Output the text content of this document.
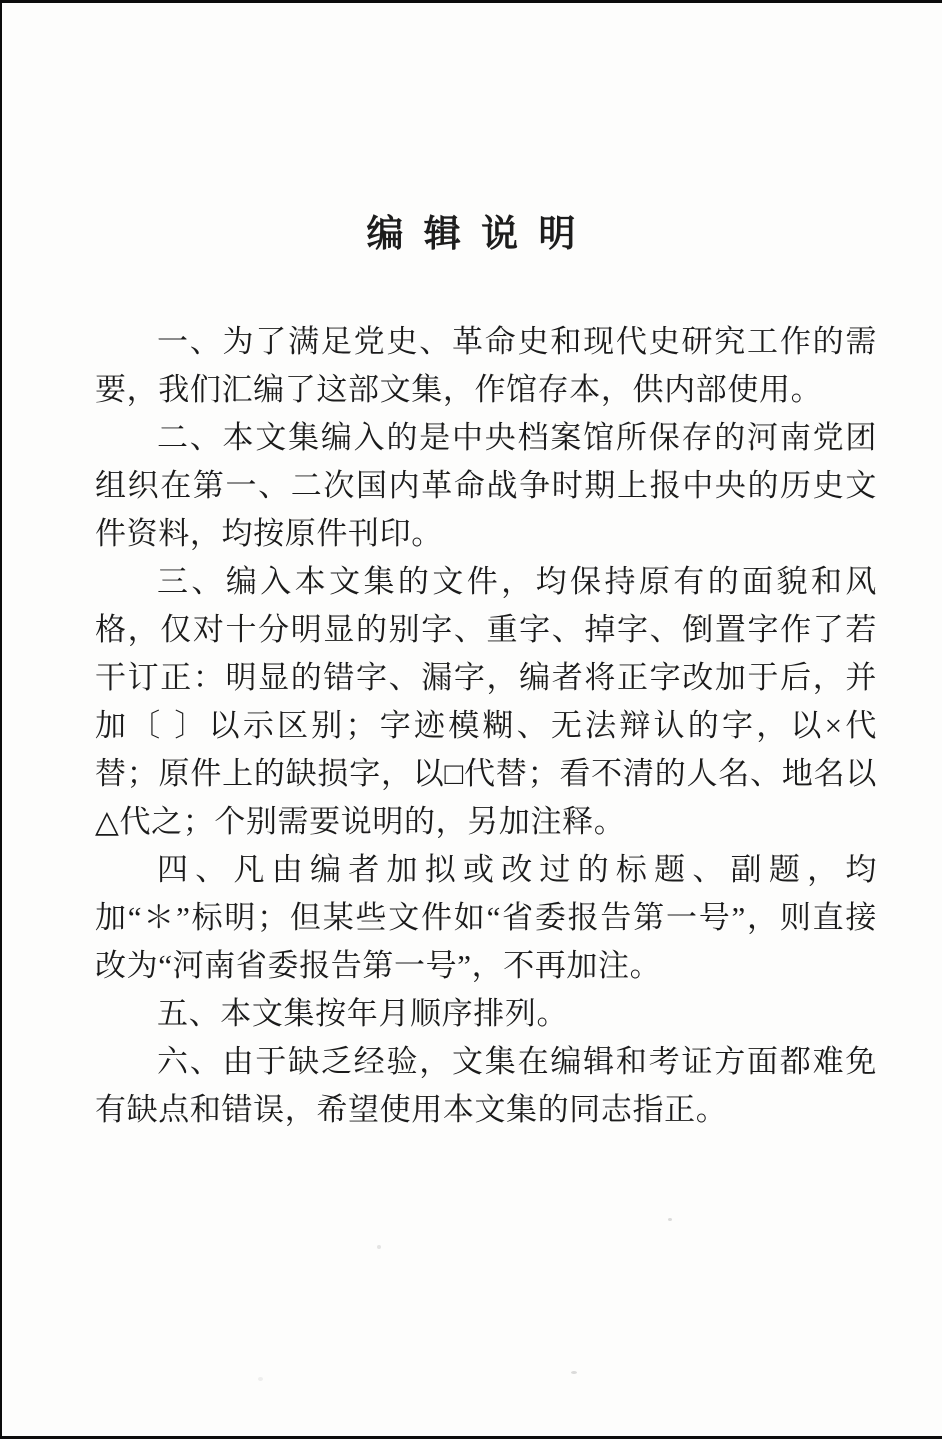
编辑说明

一、为了满足党史、革命史和现代史研究工作的需要，我们汇编了这部文集，作馆存本，供内部使用。

二、本文集编入的是中央档案馆所保存的河南党团组织在第一、二次国内革命战争时期上报中央的历史文件资料，均按原件刊印。

三、编入本文集的文件，均保持原有的面貌和风格，仅对十分明显的别字、重字、掉字、倒置字作了若干订正：明显的错字、漏字，编者将正字改加于后，并加〔 〕以示区别；字迹模糊、无法辩认的字，以×代替；原件上的缺损字，以□代替；看不清的人名、地名以△代之；个别需要说明的，另加注释。

四、凡由编者加拟或改过的标题、副题，均加“＊”标明；但某些文件如“省委报告第一号”，则直接改为“河南省委报告第一号”，不再加注。

五、本文集按年月顺序排列。

六、由于缺乏经验，文集在编辑和考证方面都难免有缺点和错误，希望使用本文集的同志指正。
